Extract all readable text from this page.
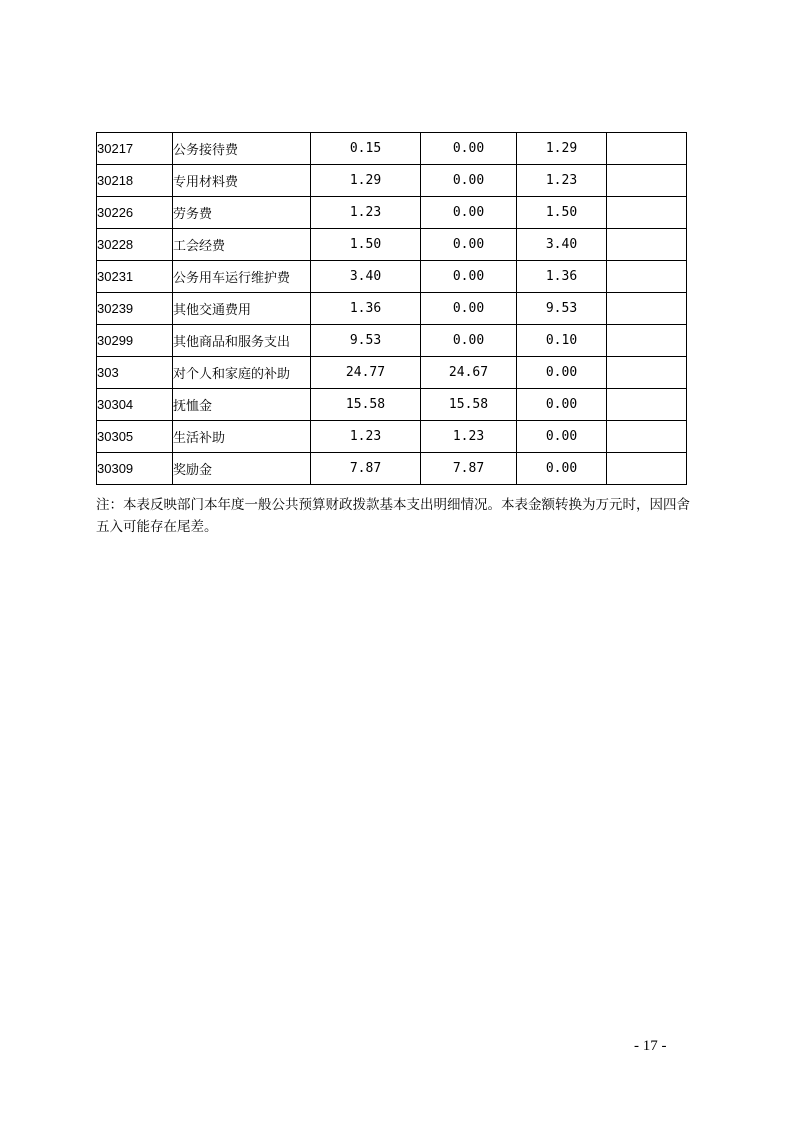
30217	公务接待费	0.15	0.00	1.29	
30218	专用材料费	1.29	0.00	1.23	
30226	劳务费	1.23	0.00	1.50	
30228	工会经费	1.50	0.00	3.40	
30231	公务用车运行维护费	3.40	0.00	1.36	
30239	其他交通费用	1.36	0.00	9.53	
30299	其他商品和服务支出	9.53	0.00	0.10	
303	对个人和家庭的补助	24.77	24.67	0.00	
30304	抚恤金	15.58	15.58	0.00	
30305	生活补助	1.23	1.23	0.00	
30309	奖励金	7.87	7.87	0.00	
注：本表反映部门本年度一般公共预算财政拨款基本支出明细情况。本表金额转换为万元时，因四舍五入可能存在尾差。
- 17 -
